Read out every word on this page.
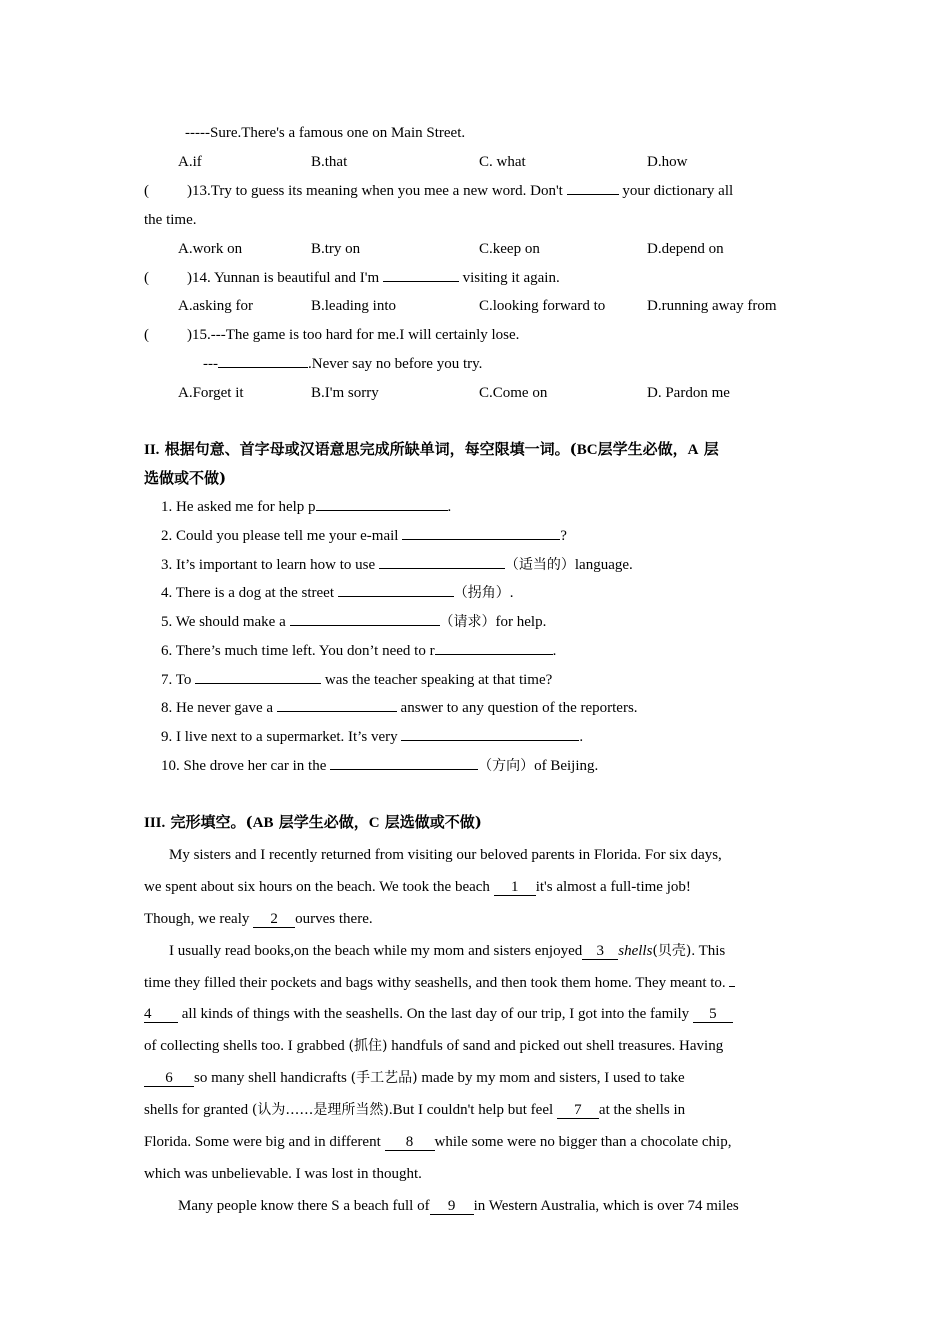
-----Sure.There's a famous one on Main Street.
A.if	B.that	C. what	D.how
(	)13.Try to guess its meaning when you mee a new word. Don't	your dictionary all
the time.
A.work on	B.try on	C.keep on	D.depend on
(	)14. Yunnan is beautiful and I'm	visiting it again.
A.asking for	B.leading into	C.looking forward to	D.running away from
(	)15.---The game is too hard for me.I will certainly lose.
---	.Never say no before you try.
A.Forget it	B.I'm sorry	C.Come on	D. Pardon me
II. 根据句意、首字母或汉语意思完成所缺单词，每空限填一词。(BC层学生必做，A 层
选做或不做)
1. He asked me for help p	.
2. Could you please tell me your e-mail	?
3. It’s important to learn how to use	（适当的）language.
4. There is a dog at the street	（拐角）.
5. We should make a	（请求）for help.
6. There’s much time left. You don’t need to r	.
7. To	was the teacher speaking at that time?
8. He never gave a	answer to any question of the reporters.
9. I live next to a supermarket. It’s very	.
10. She drove her car in the	（方向）of Beijing.
III. 完形填空。(AB 层学生必做，C 层选做或不做)
My sisters and I recently returned from visiting our beloved parents in Florida. For six days,
we spent about six hours on the beach. We took the beach 1 it's almost a full-time job!
Though, we realy 2 ourves there.
I usually read books,on the beach while my mom and sisters enjoyed 3 shells(贝壳). This
time they filled their pockets and bags withy seashells, and then took them home. They meant to.
4 all kinds of things with the seashells. On the last day of our trip, I got into the family 5
of collecting shells too. I grabbed (抓住) handfuls of sand and picked out shell treasures. Having
6 so many shell handicrafts (手工艺品) made by my mom and sisters, I used to take
shells for granted (认为……是理所当然).But I couldn't help but feel 7 at the shells in
Florida. Some were big and in different 8 while some were no bigger than a chocolate chip,
which was unbelievable. I was lost in thought.
Many people know there S a beach full of 9 in Western Australia, which is over 74 miles
